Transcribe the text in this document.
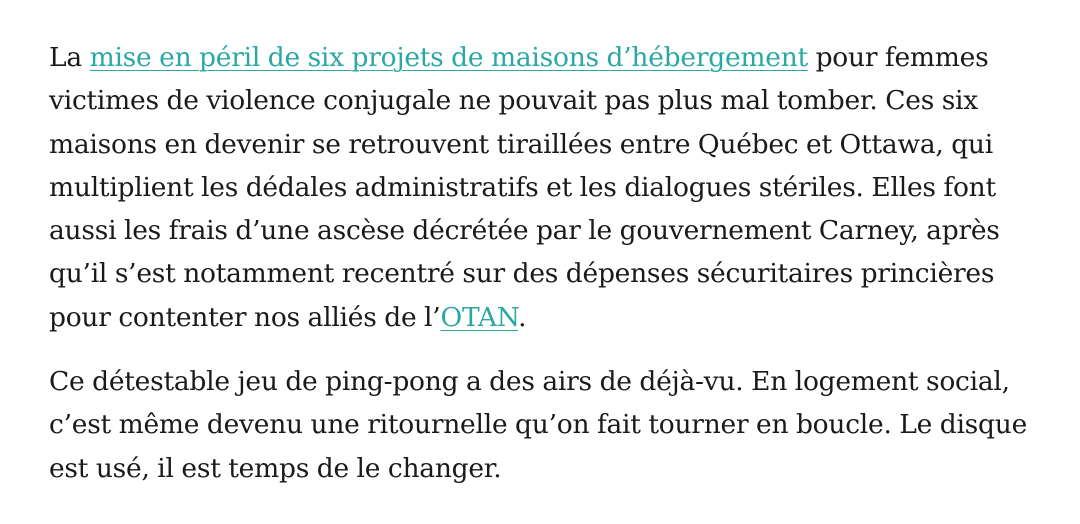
La mise en péril de six projets de maisons d’hébergement pour femmes victimes de violence conjugale ne pouvait pas plus mal tomber. Ces six maisons en devenir se retrouvent tiraillées entre Québec et Ottawa, qui multiplient les dédales administratifs et les dialogues stériles. Elles font aussi les frais d’une ascèse décrétée par le gouvernement Carney, après qu’il s’est notamment recentré sur des dépenses sécuritaires princières pour contenter nos alliés de l’OTAN.

Ce détestable jeu de ping-pong a des airs de déjà-vu. En logement social, c’est même devenu une ritournelle qu’on fait tourner en boucle. Le disque est usé, il est temps de le changer.
